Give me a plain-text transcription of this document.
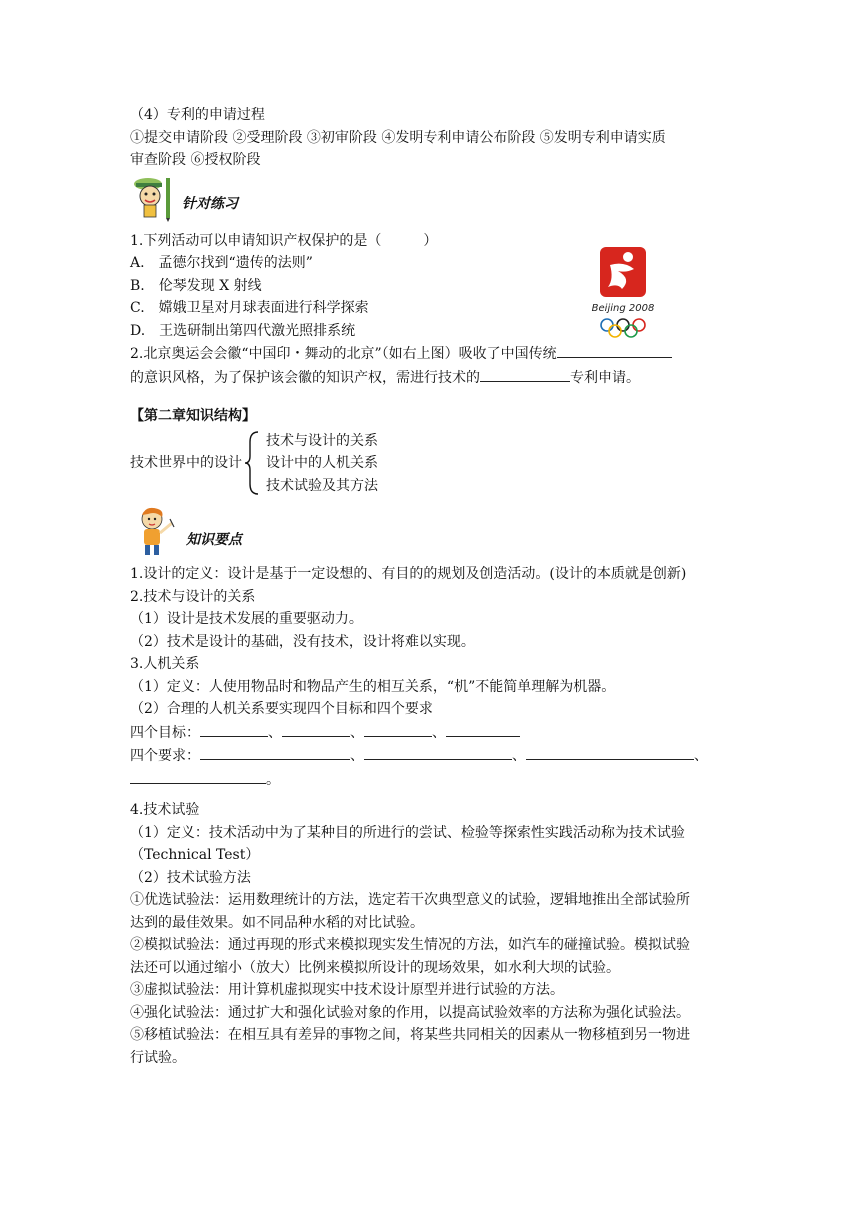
（4）专利的申请过程
①提交申请阶段 ②受理阶段 ③初审阶段 ④发明专利申请公布阶段 ⑤发明专利申请实质
审查阶段 ⑥授权阶段
针对练习
1.下列活动可以申请知识产权保护的是（　　　）
A.　孟德尔找到“遗传的法则”
B.　伦琴发现 X 射线
C.　嫦娥卫星对月球表面进行科学探索
D.　王选研制出第四代激光照排系统
2.北京奥运会会徽“中国印・舞动的北京”（如右上图）吸收了中国传统
的意识风格，为了保护该会徽的知识产权，需进行技术的	专利申请。
【第二章知识结构】
技术世界中的设计
技术与设计的关系
设计中的人机关系
技术试验及其方法
知识要点
1.设计的定义：设计是基于一定设想的、有目的的规划及创造活动。(设计的本质就是创新)
2.技术与设计的关系
（1）设计是技术发展的重要驱动力。
（2）技术是设计的基础，没有技术，设计将难以实现。
3.人机关系
（1）定义：人使用物品时和物品产生的相互关系，“机”不能简单理解为机器。
（2）合理的人机关系要实现四个目标和四个要求
四个目标：	、	、	、
四个要求：	、	、	、
。
4.技术试验
（1）定义：技术活动中为了某种目的所进行的尝试、检验等探索性实践活动称为技术试验
（Technical Test）
（2）技术试验方法
①优选试验法：运用数理统计的方法，选定若干次典型意义的试验，逻辑地推出全部试验所
达到的最佳效果。如不同品种水稻的对比试验。
②模拟试验法：通过再现的形式来模拟现实发生情况的方法，如汽车的碰撞试验。模拟试验
法还可以通过缩小（放大）比例来模拟所设计的现场效果，如水利大坝的试验。
③虚拟试验法：用计算机虚拟现实中技术设计原型并进行试验的方法。
④强化试验法：通过扩大和强化试验对象的作用，以提高试验效率的方法称为强化试验法。
⑤移植试验法：在相互具有差异的事物之间，将某些共同相关的因素从一物移植到另一物进
行试验。
Beijing 2008
